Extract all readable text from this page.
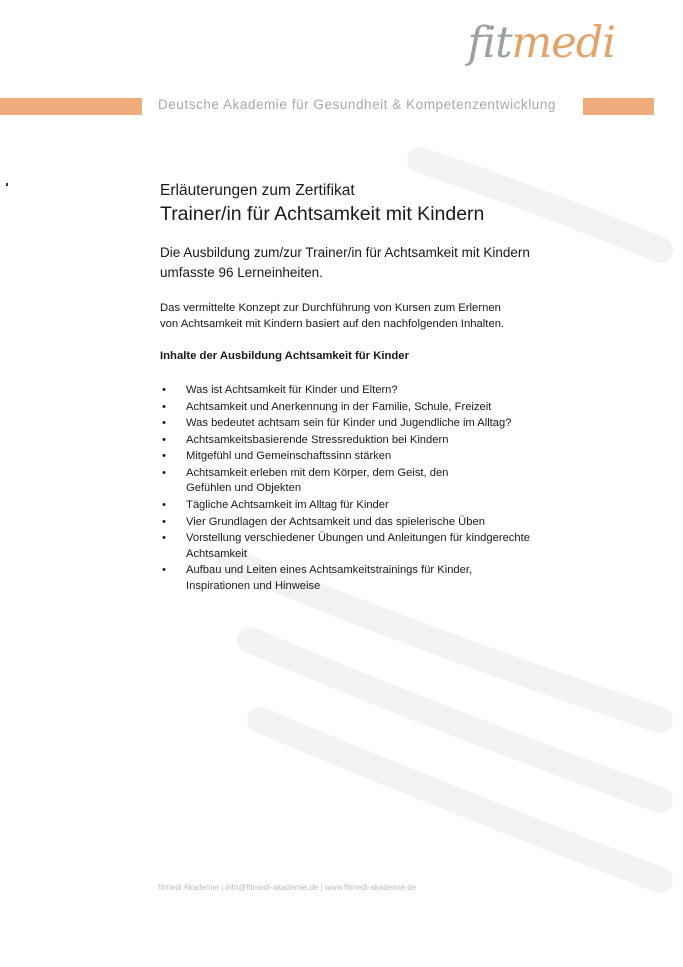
fitmedi
Deutsche Akademie für Gesundheit & Kompetenzentwicklung

Erläuterungen zum Zertifikat

Trainer/in für Achtsamkeit mit Kindern

Die Ausbildung zum/zur Trainer/in für Achtsamkeit mit Kindern
umfasste 96 Lerneinheiten.

Das vermittelte Konzept zur Durchführung von Kursen zum Erlernen
von Achtsamkeit mit Kindern basiert auf den nachfolgenden Inhalten.

Inhalte der Ausbildung Achtsamkeit für Kinder

• Was ist Achtsamkeit für Kinder und Eltern?
• Achtsamkeit und Anerkennung in der Familie, Schule, Freizeit
• Was bedeutet achtsam sein für Kinder und Jugendliche im Alltag?
• Achtsamkeitsbasierende Stressreduktion bei Kindern
• Mitgefühl und Gemeinschaftssinn stärken
• Achtsamkeit erleben mit dem Körper, dem Geist, den
Gefühlen und Objekten
• Tägliche Achtsamkeit im Alltag für Kinder
• Vier Grundlagen der Achtsamkeit und das spielerische Üben
• Vorstellung verschiedener Übungen und Anleitungen für kindgerechte
Achtsamkeit
• Aufbau und Leiten eines Achtsamkeitstrainings für Kinder,
Inspirationen und Hinweise
fitmedi Akademie | info@fitmedi-akademie.de | www.fitmedi-akademie.de
